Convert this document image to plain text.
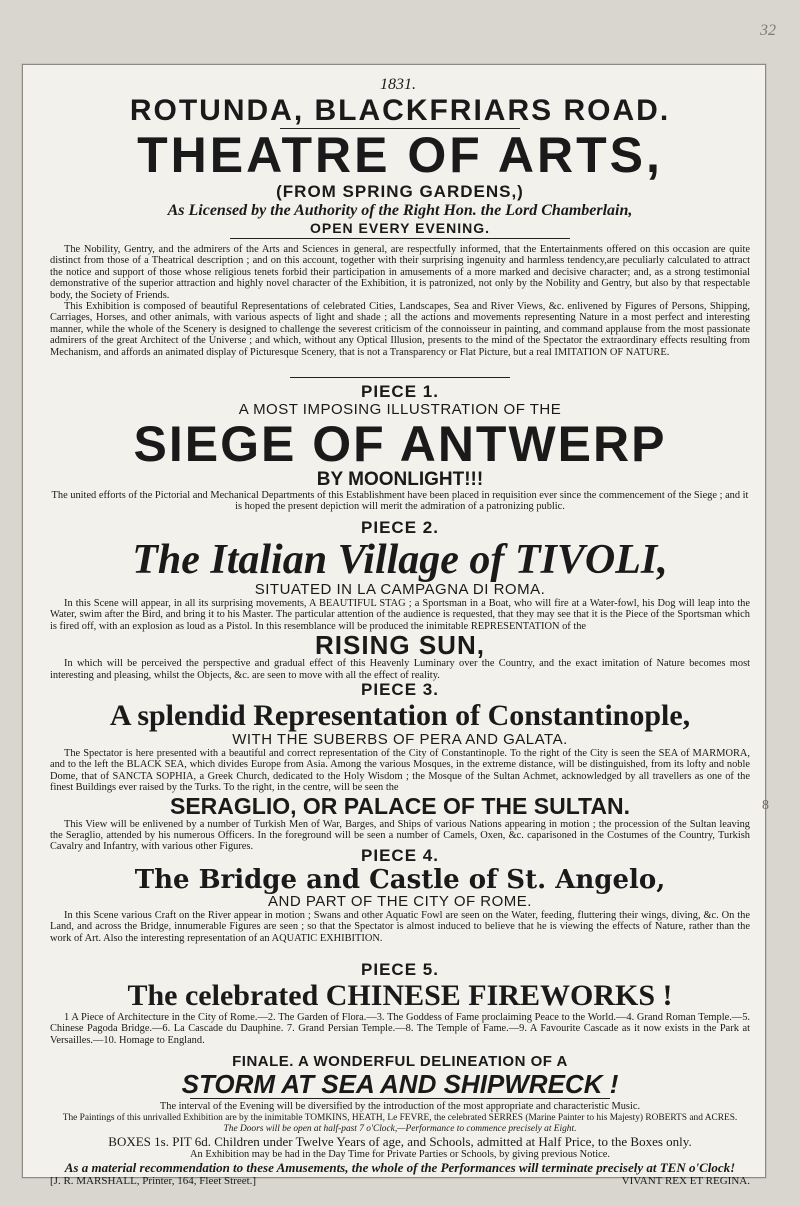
32
8
1831.
ROTUNDA, BLACKFRIARS ROAD.
THEATRE OF ARTS,
(FROM SPRING GARDENS,)
As Licensed by the Authority of the Right Hon. the Lord Chamberlain,
OPEN EVERY EVENING.

The Nobility, Gentry, and the admirers of the Arts and Sciences in general, are respectfully informed, that the Entertainments offered on this occasion are quite distinct from those of a Theatrical description ; and on this account, together with their surprising ingenuity and harmless tendency,are peculiarly calculated to attract the notice and support of those whose religious tenets forbid their participation in amusements of a more marked and decisive character; and, as a strong testimonial demonstrative of the superior attraction and highly novel character of the Exhibition, it is patronized, not only by the Nobility and Gentry, but also by that respectable body, the Society of Friends.

This Exhibition is composed of beautiful Representations of celebrated Cities, Landscapes, Sea and River Views, &c. enlivened by Figures of Persons, Shipping, Carriages, Horses, and other animals, with various aspects of light and shade ; all the actions and movements representing Nature in a most perfect and interesting manner, while the whole of the Scenery is designed to challenge the severest criticism of the connoisseur in painting, and command applause from the most passionate admirers of the great Architect of the Universe ; and which, without any Optical Illusion, presents to the mind of the Spectator the extraordinary effects resulting from Mechanism, and affords an animated display of Picturesque Scenery, that is not a Transparency or Flat Picture, but a real IMITATION OF NATURE.

PIECE 1.
A MOST IMPOSING ILLUSTRATION OF THE
SIEGE OF ANTWERP
BY MOONLIGHT!!!

The united efforts of the Pictorial and Mechanical Departments of this Establishment have been placed in requisition ever since the commencement of the Siege ; and it is hoped the present depiction will merit the admiration of a patronizing public.

PIECE 2.
The Italian Village of TIVOLI,
SITUATED IN LA CAMPAGNA DI ROMA.

In this Scene will appear, in all its surprising movements, A BEAUTIFUL STAG ; a Sportsman in a Boat, who will fire at a Water-fowl, his Dog will leap into the Water, swim after the Bird, and bring it to his Master. The particular attention of the audience is requested, that they may see that it is the Piece of the Sportsman which is fired off, with an explosion as loud as a Pistol. In this resemblance will be produced the inimitable REPRESENTATION of the

RISING SUN,

In which will be perceived the perspective and gradual effect of this Heavenly Luminary over the Country, and the exact imitation of Nature becomes most interesting and pleasing, whilst the Objects, &c. are seen to move with all the effect of reality.

PIECE 3.
A splendid Representation of Constantinople,
WITH THE SUBERBS OF PERA AND GALATA.

The Spectator is here presented with a beautiful and correct representation of the City of Constantinople. To the right of the City is seen the SEA of MARMORA, and to the left the BLACK SEA, which divides Europe from Asia. Among the various Mosques, in the extreme distance, will be distinguished, from its lofty and noble Dome, that of SANCTA SOPHIA, a Greek Church, dedicated to the Holy Wisdom ; the Mosque of the Sultan Achmet, acknowledged by all travellers as one of the finest Buildings ever raised by the Turks. To the right, in the centre, will be seen the

SERAGLIO, OR PALACE OF THE SULTAN.

This View will be enlivened by a number of Turkish Men of War, Barges, and Ships of various Nations appearing in motion ; the procession of the Sultan leaving the Seraglio, attended by his numerous Officers. In the foreground will be seen a number of Camels, Oxen, &c. caparisoned in the Costumes of the Country, Turkish Cavalry and Infantry, with various other Figures.	PIECE 4.
The Bridge and Castle of St. Angelo,
AND PART OF THE CITY OF ROME.

In this Scene various Craft on the River appear in motion ; Swans and other Aquatic Fowl are seen on the Water, feeding, fluttering their wings, diving, &c. On the Land, and across the Bridge, innumerable Figures are seen ; so that the Spectator is almost induced to believe that he is viewing the effects of Nature, rather than the work of Art. Also the interesting representation of an AQUATIC EXHIBITION.

PIECE 5.
The celebrated CHINESE FIREWORKS !

1 A Piece of Architecture in the City of Rome.—2. The Garden of Flora.—3. The Goddess of Fame proclaiming Peace to the World.—4. Grand Roman Temple.—5. Chinese Pagoda Bridge.—6. La Cascade du Dauphine. 7. Grand Persian Temple.—8. The Temple of Fame.—9. A Favourite Cascade as it now exists in the Park at Versailles.—10. Homage to England.

FINALE. A WONDERFUL DELINEATION OF A
STORM AT SEA AND SHIPWRECK !
The interval of the Evening will be diversified by the introduction of the most appropriate and characteristic Music.
The Paintings of this unrivalled Exhibition are by the inimitable TOMKINS, HEATH, Le FEVRE, the celebrated SERRES (Marine Painter to his Majesty) ROBERTS and ACRES.
The Doors will be open at half-past 7 o'Clock,—Performance to commence precisely at Eight.
BOXES 1s. PIT 6d. Children under Twelve Years of age, and Schools, admitted at Half Price, to the Boxes only.
An Exhibition may be had in the Day Time for Private Parties or Schools, by giving previous Notice.
As a material recommendation to these Amusements, the whole of the Performances will terminate precisely at TEN o'Clock!
[J. R. MARSHALL, Printer, 164, Fleet Street.]	VIVANT REX ET REGINA.
